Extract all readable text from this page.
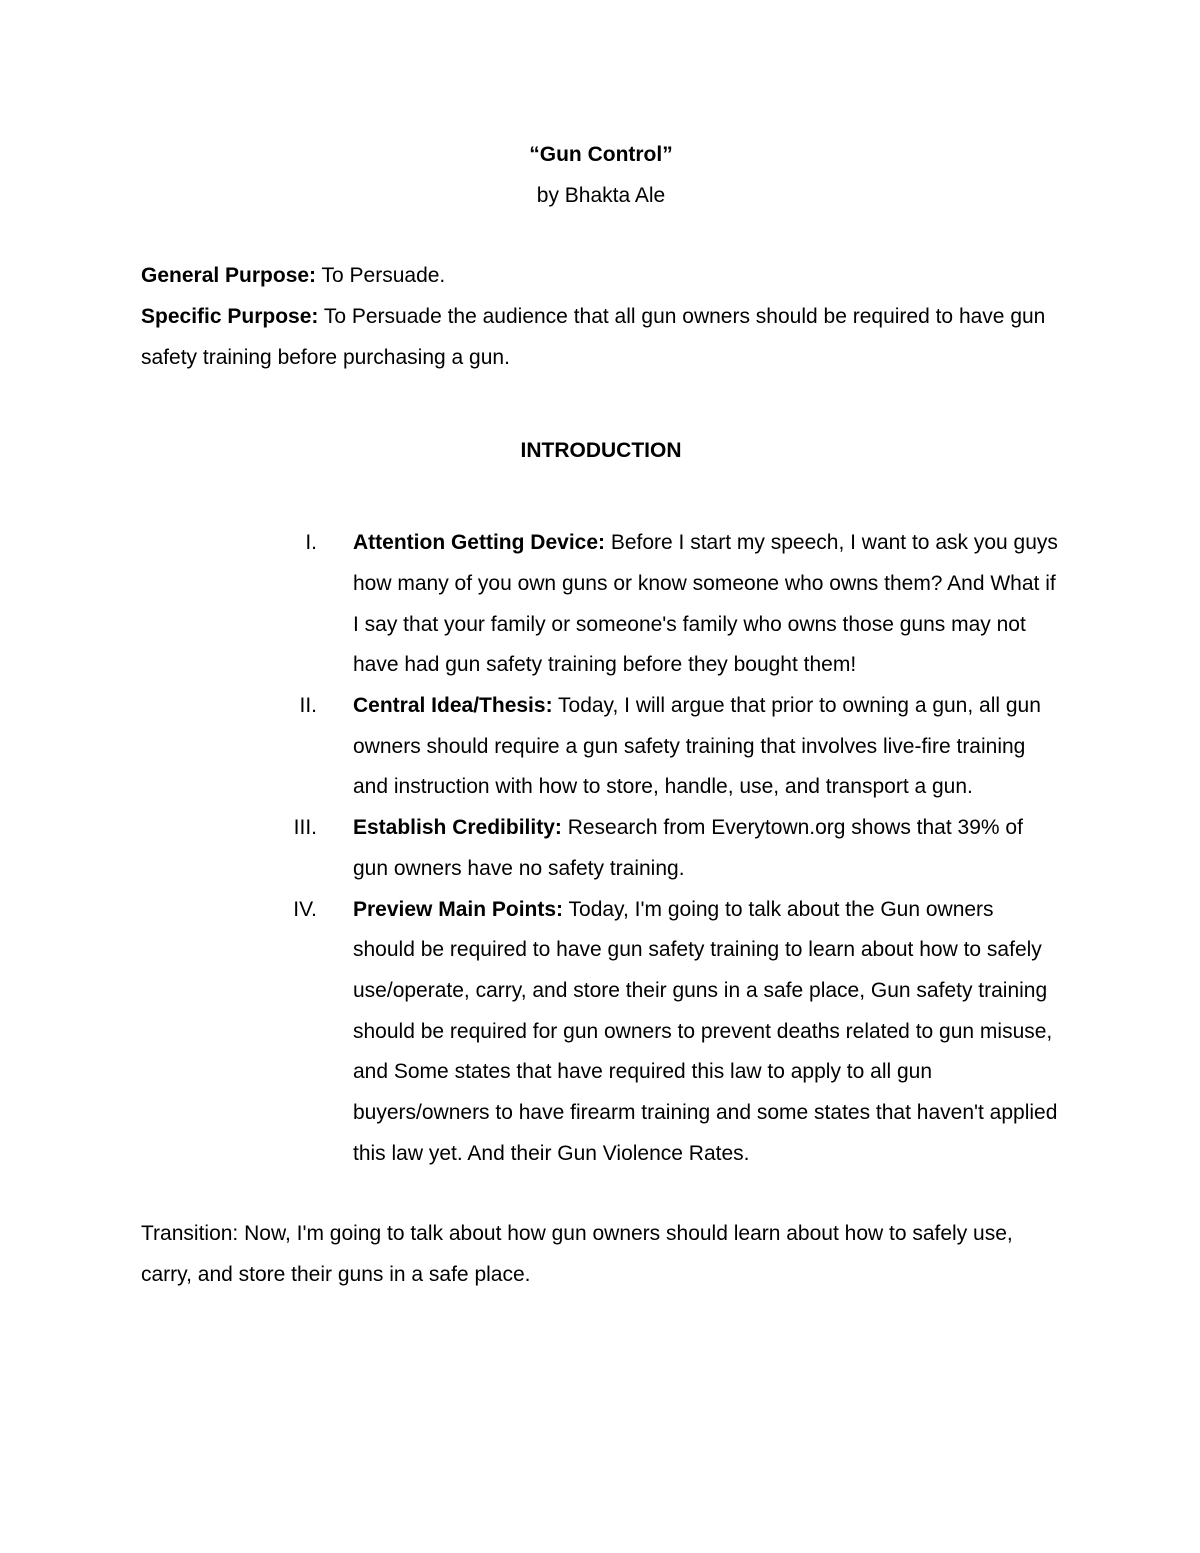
“Gun Control”

by Bhakta Ale

General Purpose: To Persuade.

Specific Purpose: To Persuade the audience that all gun owners should be required to have gun safety training before purchasing a gun.

INTRODUCTION

I. Attention Getting Device: Before I start my speech, I want to ask you guys how many of you own guns or know someone who owns them? And What if I say that your family or someone's family who owns those guns may not have had gun safety training before they bought them!
II. Central Idea/Thesis: Today, I will argue that prior to owning a gun, all gun owners should require a gun safety training that involves live-fire training and instruction with how to store, handle, use, and transport a gun.
III. Establish Credibility: Research from Everytown.org shows that 39% of gun owners have no safety training.
IV. Preview Main Points: Today, I'm going to talk about the Gun owners should be required to have gun safety training to learn about how to safely use/operate, carry, and store their guns in a safe place, Gun safety training should be required for gun owners to prevent deaths related to gun misuse, and Some states that have required this law to apply to all gun buyers/owners to have firearm training and some states that haven't applied this law yet. And their Gun Violence Rates.

Transition: Now, I'm going to talk about how gun owners should learn about how to safely use, carry, and store their guns in a safe place.
